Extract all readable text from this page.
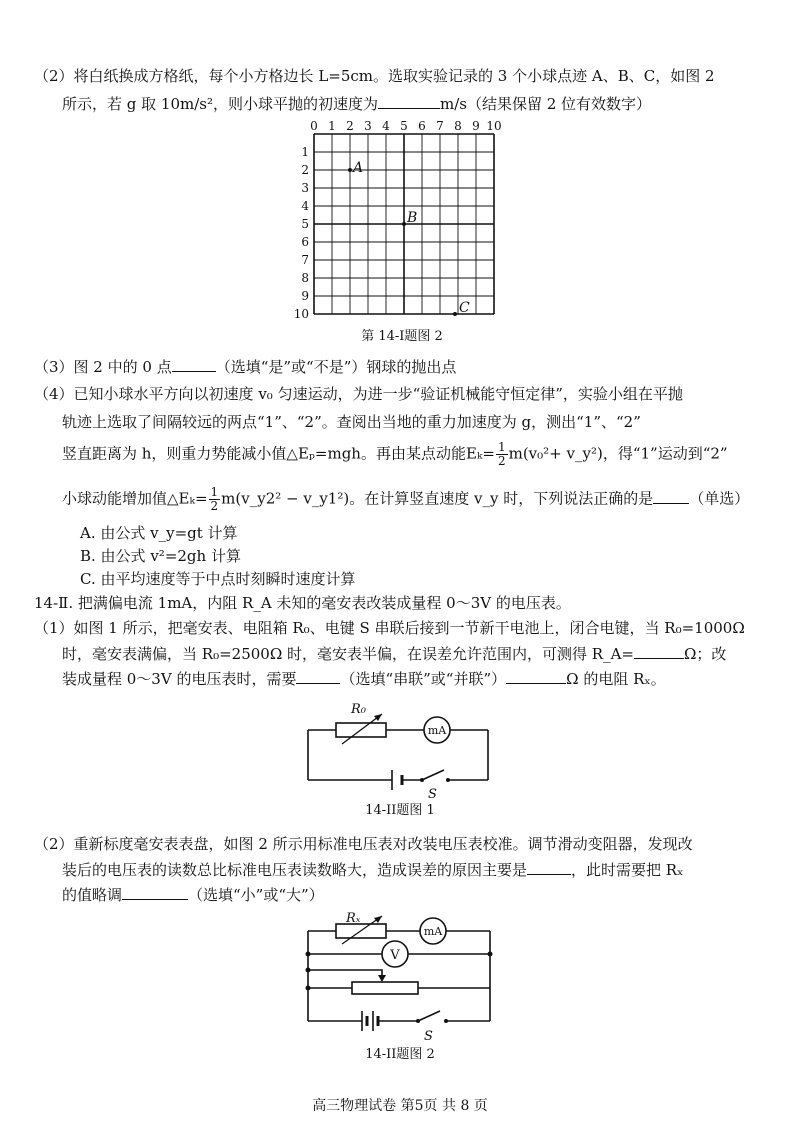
（2）将白纸换成方格纸，每个小方格边长 L=5cm。选取实验记录的 3 个小球点迹 A、B、C，如图 2
所示，若 g 取 10m/s²，则小球平抛的初速度为	m/s（结果保留 2 位有效数字）
0 1 2 3 4 5 6 7 8 9 10
1
2
3
4
5
6
7
8
9
10
A
B
C
第 14-I题图 2
（3）图 2 中的 0 点	（选填“是”或“不是”）钢球的抛出点
（4）已知小球水平方向以初速度 v₀ 匀速运动，为进一步“验证机械能守恒定律”，实验小组在平抛
轨迹上选取了间隔较远的两点“1”、“2”。查阅出当地的重力加速度为 g，测出“1”、“2”
竖直距离为 h，则重力势能减小值△Eₚ=mgh。再由某点动能$E_k= \frac{1}{2} m(v_0^2+$ v_y²)，得“1”运动到“2”
小球动能增加值△Eₖ= $\frac{1}{2}$ m(v_y2² − v_y1²)。在计算竖直速度 v_y 时，下列说法正确的是 （单选）
A. 由公式 v_y=gt 计算
B. 由公式 v²=2gh 计算
C. 由平均速度等于中点时刻瞬时速度计算
14-Ⅱ. 把满偏电流 1mA，内阻 R_A 未知的毫安表改装成量程 0～3V 的电压表。
（1）如图 1 所示，把毫安表、电阻箱 R₀、电键 S 串联后接到一节新干电池上，闭合电键，当 R₀=1000Ω
时，毫安表满偏，当 R₀=2500Ω 时，毫安表半偏，在误差允许范围内，可测得 R_A=	Ω；改
装成量程 0～3V 的电压表时，需要	（选填“串联”或“并联”）	Ω 的电阻 Rₓ。
R₀
mA
S
14-II题图 1
（2）重新标度毫安表表盘，如图 2 所示用标准电压表对改装电压表校准。调节滑动变阻器，发现改
装后的电压表的读数总比标准电压表读数略大，造成误差的原因主要是	，此时需要把 Rₓ
的值略调	（选填“小”或“大”）
Rₓ
mA
V
S
14-II题图 2
高三物理试卷 第5页 共 8 页
